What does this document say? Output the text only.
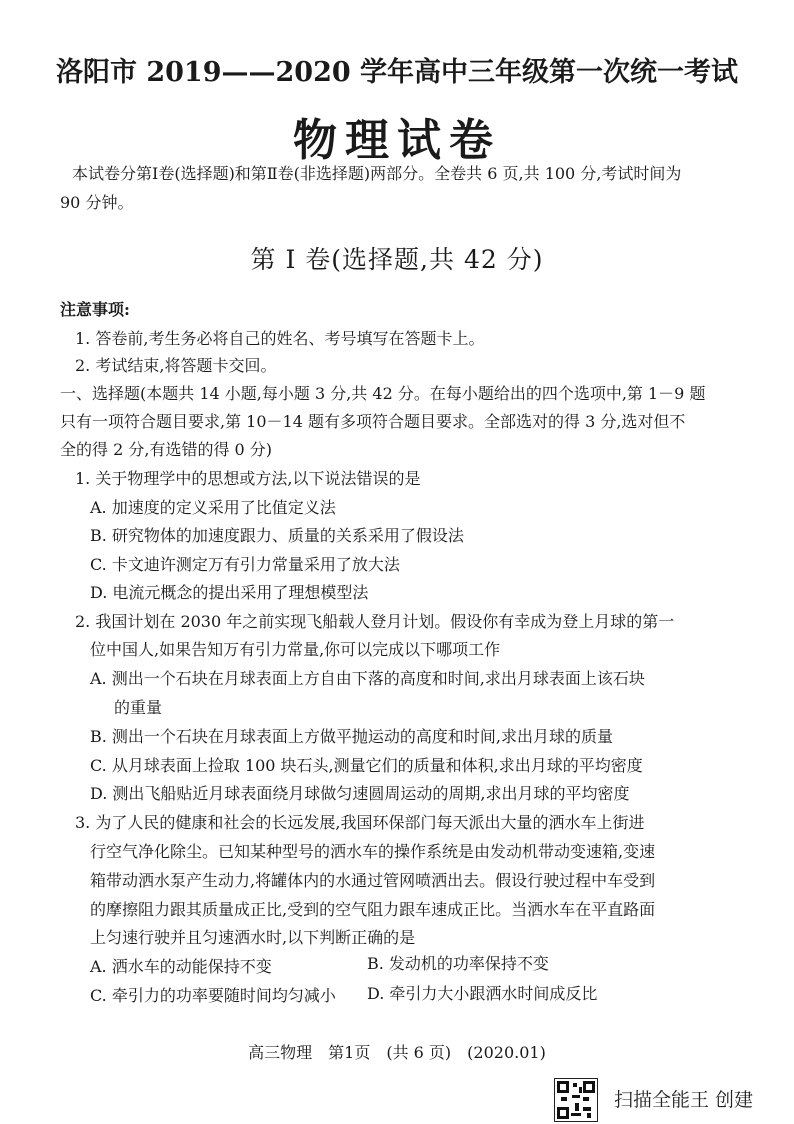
洛阳市 2019——2020 学年高中三年级第一次统一考试
物理试卷
本试卷分第Ⅰ卷(选择题)和第Ⅱ卷(非选择题)两部分。全卷共 6 页,共 100 分,考试时间为
90 分钟。
第 Ⅰ 卷(选择题,共 42 分)
注意事项:
1. 答卷前,考生务必将自己的姓名、考号填写在答题卡上。
2. 考试结束,将答题卡交回。
一、选择题(本题共 14 小题,每小题 3 分,共 42 分。在每小题给出的四个选项中,第 1－9 题
只有一项符合题目要求,第 10－14 题有多项符合题目要求。全部选对的得 3 分,选对但不
全的得 2 分,有选错的得 0 分)
1. 关于物理学中的思想或方法,以下说法错误的是
A. 加速度的定义采用了比值定义法
B. 研究物体的加速度跟力、质量的关系采用了假设法
C. 卡文迪许测定万有引力常量采用了放大法
D. 电流元概念的提出采用了理想模型法
2. 我国计划在 2030 年之前实现飞船载人登月计划。假设你有幸成为登上月球的第一
位中国人,如果告知万有引力常量,你可以完成以下哪项工作
A. 测出一个石块在月球表面上方自由下落的高度和时间,求出月球表面上该石块
的重量
B. 测出一个石块在月球表面上方做平抛运动的高度和时间,求出月球的质量
C. 从月球表面上捡取 100 块石头,测量它们的质量和体积,求出月球的平均密度
D. 测出飞船贴近月球表面绕月球做匀速圆周运动的周期,求出月球的平均密度
3. 为了人民的健康和社会的长远发展,我国环保部门每天派出大量的洒水车上街进
行空气净化除尘。已知某种型号的洒水车的操作系统是由发动机带动变速箱,变速
箱带动洒水泵产生动力,将罐体内的水通过管网喷洒出去。假设行驶过程中车受到
的摩擦阻力跟其质量成正比,受到的空气阻力跟车速成正比。当洒水车在平直路面
上匀速行驶并且匀速洒水时,以下判断正确的是
A. 洒水车的动能保持不变	B. 发动机的功率保持不变
C. 牵引力的功率要随时间均匀减小 D. 牵引力大小跟洒水时间成反比
高三物理　第1页　(共 6 页)　(2020.01)
扫描全能王 创建
